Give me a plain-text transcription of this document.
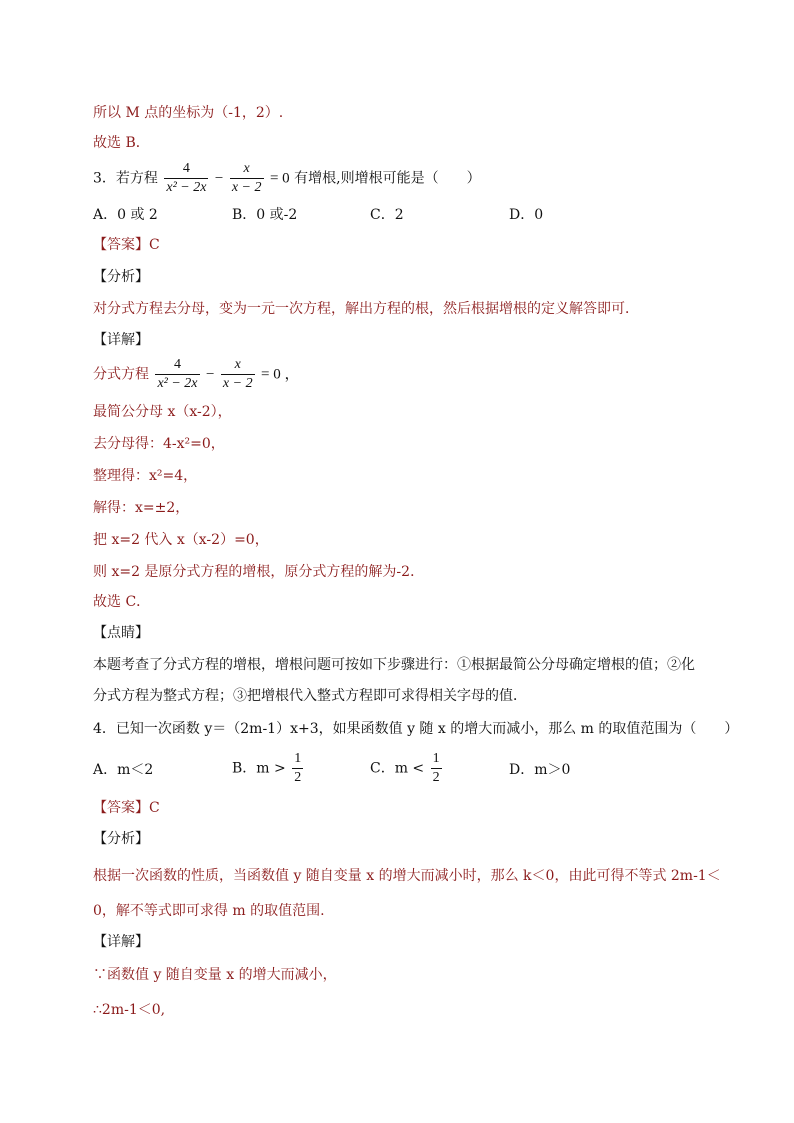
所以 M 点的坐标为（-1，2）.
故选 B．
3．若方程 $\frac{4}{\text{x² − 2x}} - \frac{x}{x - 2} = 0$ 有增根,则增根可能是（　　）
A．0 或 2	B．0 或-2	C．2	D．0
【答案】C
【分析】
对分式方程去分母，变为一元一次方程，解出方程的根，然后根据增根的定义解答即可．
【详解】
分式方程 $\frac{4}{\text{x² − 2x}} - \frac{x}{x - 2} = 0$ ，
最简公分母 x（x-2），
去分母得：4-x²=0，
整理得：x²=4，
解得：x=±2，
把 x=2 代入 x（x-2）=0，
则 x=2 是原分式方程的增根，原分式方程的解为-2．
故选 C．
【点睛】
本题考查了分式方程的增根，增根问题可按如下步骤进行：①根据最简公分母确定增根的值；②化
分式方程为整式方程；③把增根代入整式方程即可求得相关字母的值．
4．已知一次函数 y＝（2m-1）x+3，如果函数值 y 随 x 的增大而减小，那么 m 的取值范围为（　　）
A．m＜2	B．$m > \frac{1}{2}$	C．$m < \frac{1}{2}$	D．m＞0
【答案】C
【分析】
根据一次函数的性质，当函数值 y 随自变量 x 的增大而减小时，那么 k＜0，由此可得不等式 2m-1＜
0，解不等式即可求得 m 的取值范围.
【详解】
∵函数值 y 随自变量 x 的增大而减小，
∴2m-1＜0,
